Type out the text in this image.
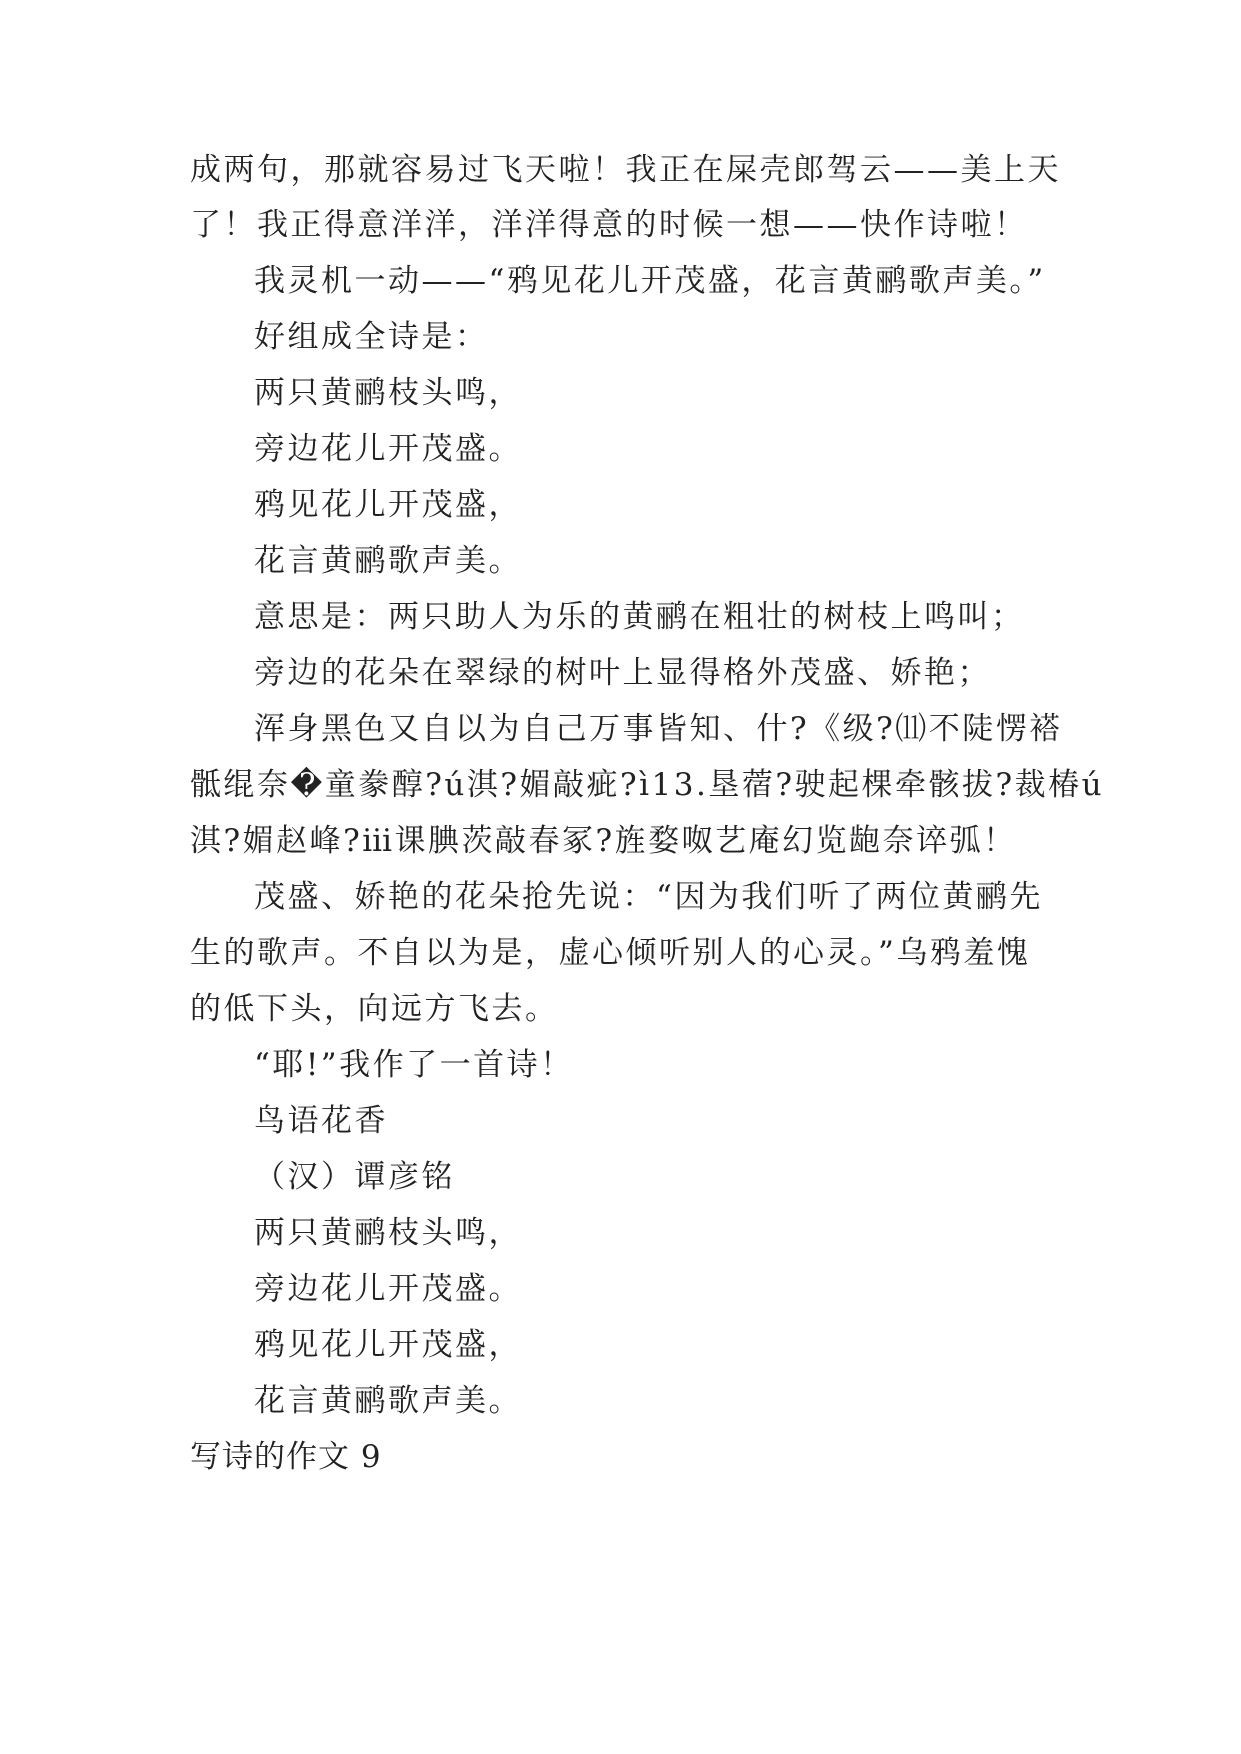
成两句，那就容易过飞天啦！我正在屎壳郎驾云——美上天
了！我正得意洋洋，洋洋得意的时候一想——快作诗啦！
我灵机一动——“鸦见花儿开茂盛，花言黄鹂歌声美。”
好组成全诗是：
两只黄鹂枝头鸣，
旁边花儿开茂盛。
鸦见花儿开茂盛，
花言黄鹂歌声美。
意思是：两只助人为乐的黄鹂在粗壮的树枝上鸣叫；
旁边的花朵在翠绿的树叶上显得格外茂盛、娇艳；
浑身黑色又自以为自己万事皆知、什?《级?⑾不陡愣褡
骶绲奈�童豢醇?ú淇?媚敲疵?ì13.垦蓿?驶起棵牵骸拔?裁椿ú
淇?媚赵峰?ⅲ课腆茨敲春冢?旌婺呶艺庵幻览龅奈谇弧！
茂盛、娇艳的花朵抢先说：“因为我们听了两位黄鹂先
生的歌声。不自以为是，虚心倾听别人的心灵。”乌鸦羞愧
的低下头，向远方飞去。
“耶!”我作了一首诗！
鸟语花香
（汉）谭彦铭
两只黄鹂枝头鸣，
旁边花儿开茂盛。
鸦见花儿开茂盛，
花言黄鹂歌声美。
写诗的作文 9
